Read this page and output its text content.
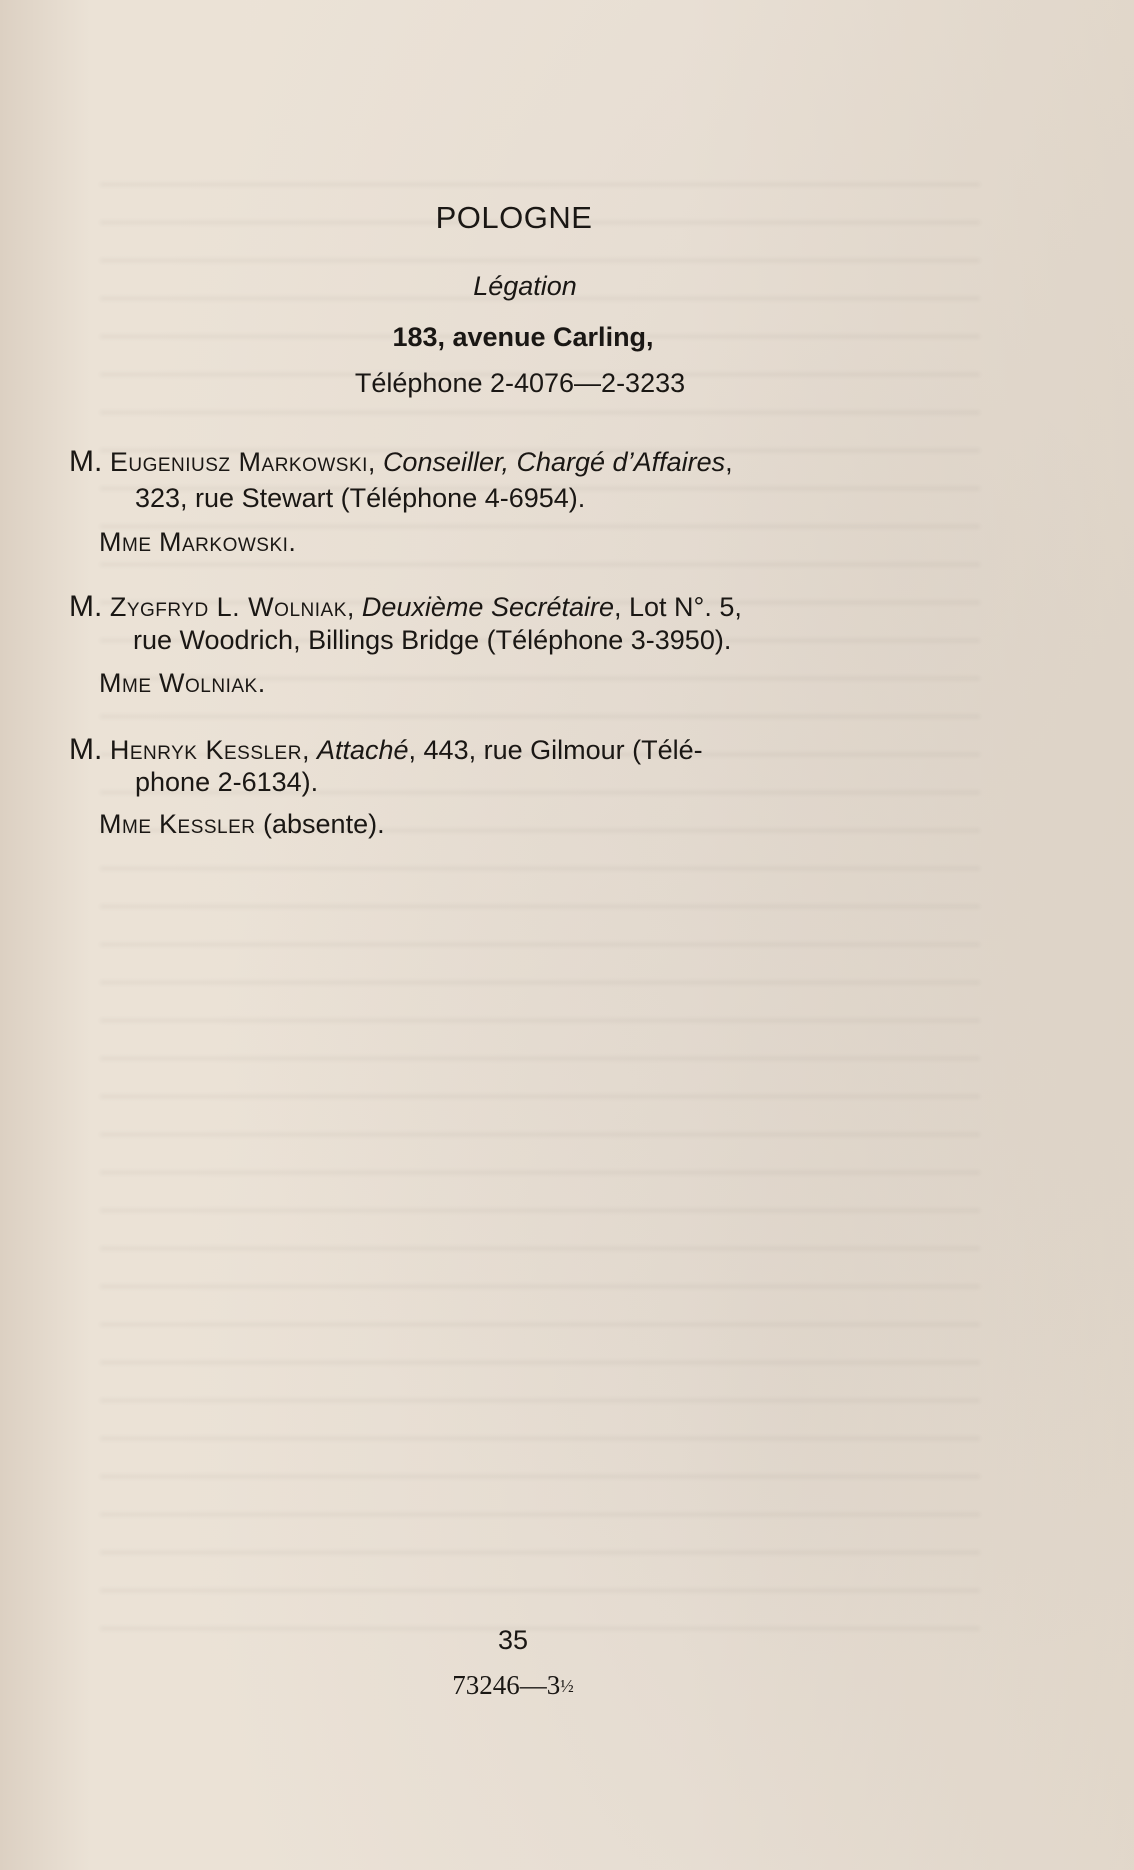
POLOGNE
Légation
183, avenue Carling,
Téléphone 2-4076—2-3233
M. Eugeniusz Markowski, Conseiller, Chargé d’Affaires,
323, rue Stewart (Téléphone 4-6954).
Mme Markowski.
M. Zygfryd L. Wolniak, Deuxième Secrétaire, Lot N°. 5,
rue Woodrich, Billings Bridge (Téléphone 3-3950).
Mme Wolniak.
M. Henryk Kessler, Attaché, 443, rue Gilmour (Télé-
phone 2-6134).
Mme Kessler (absente).
35
73246—3½
